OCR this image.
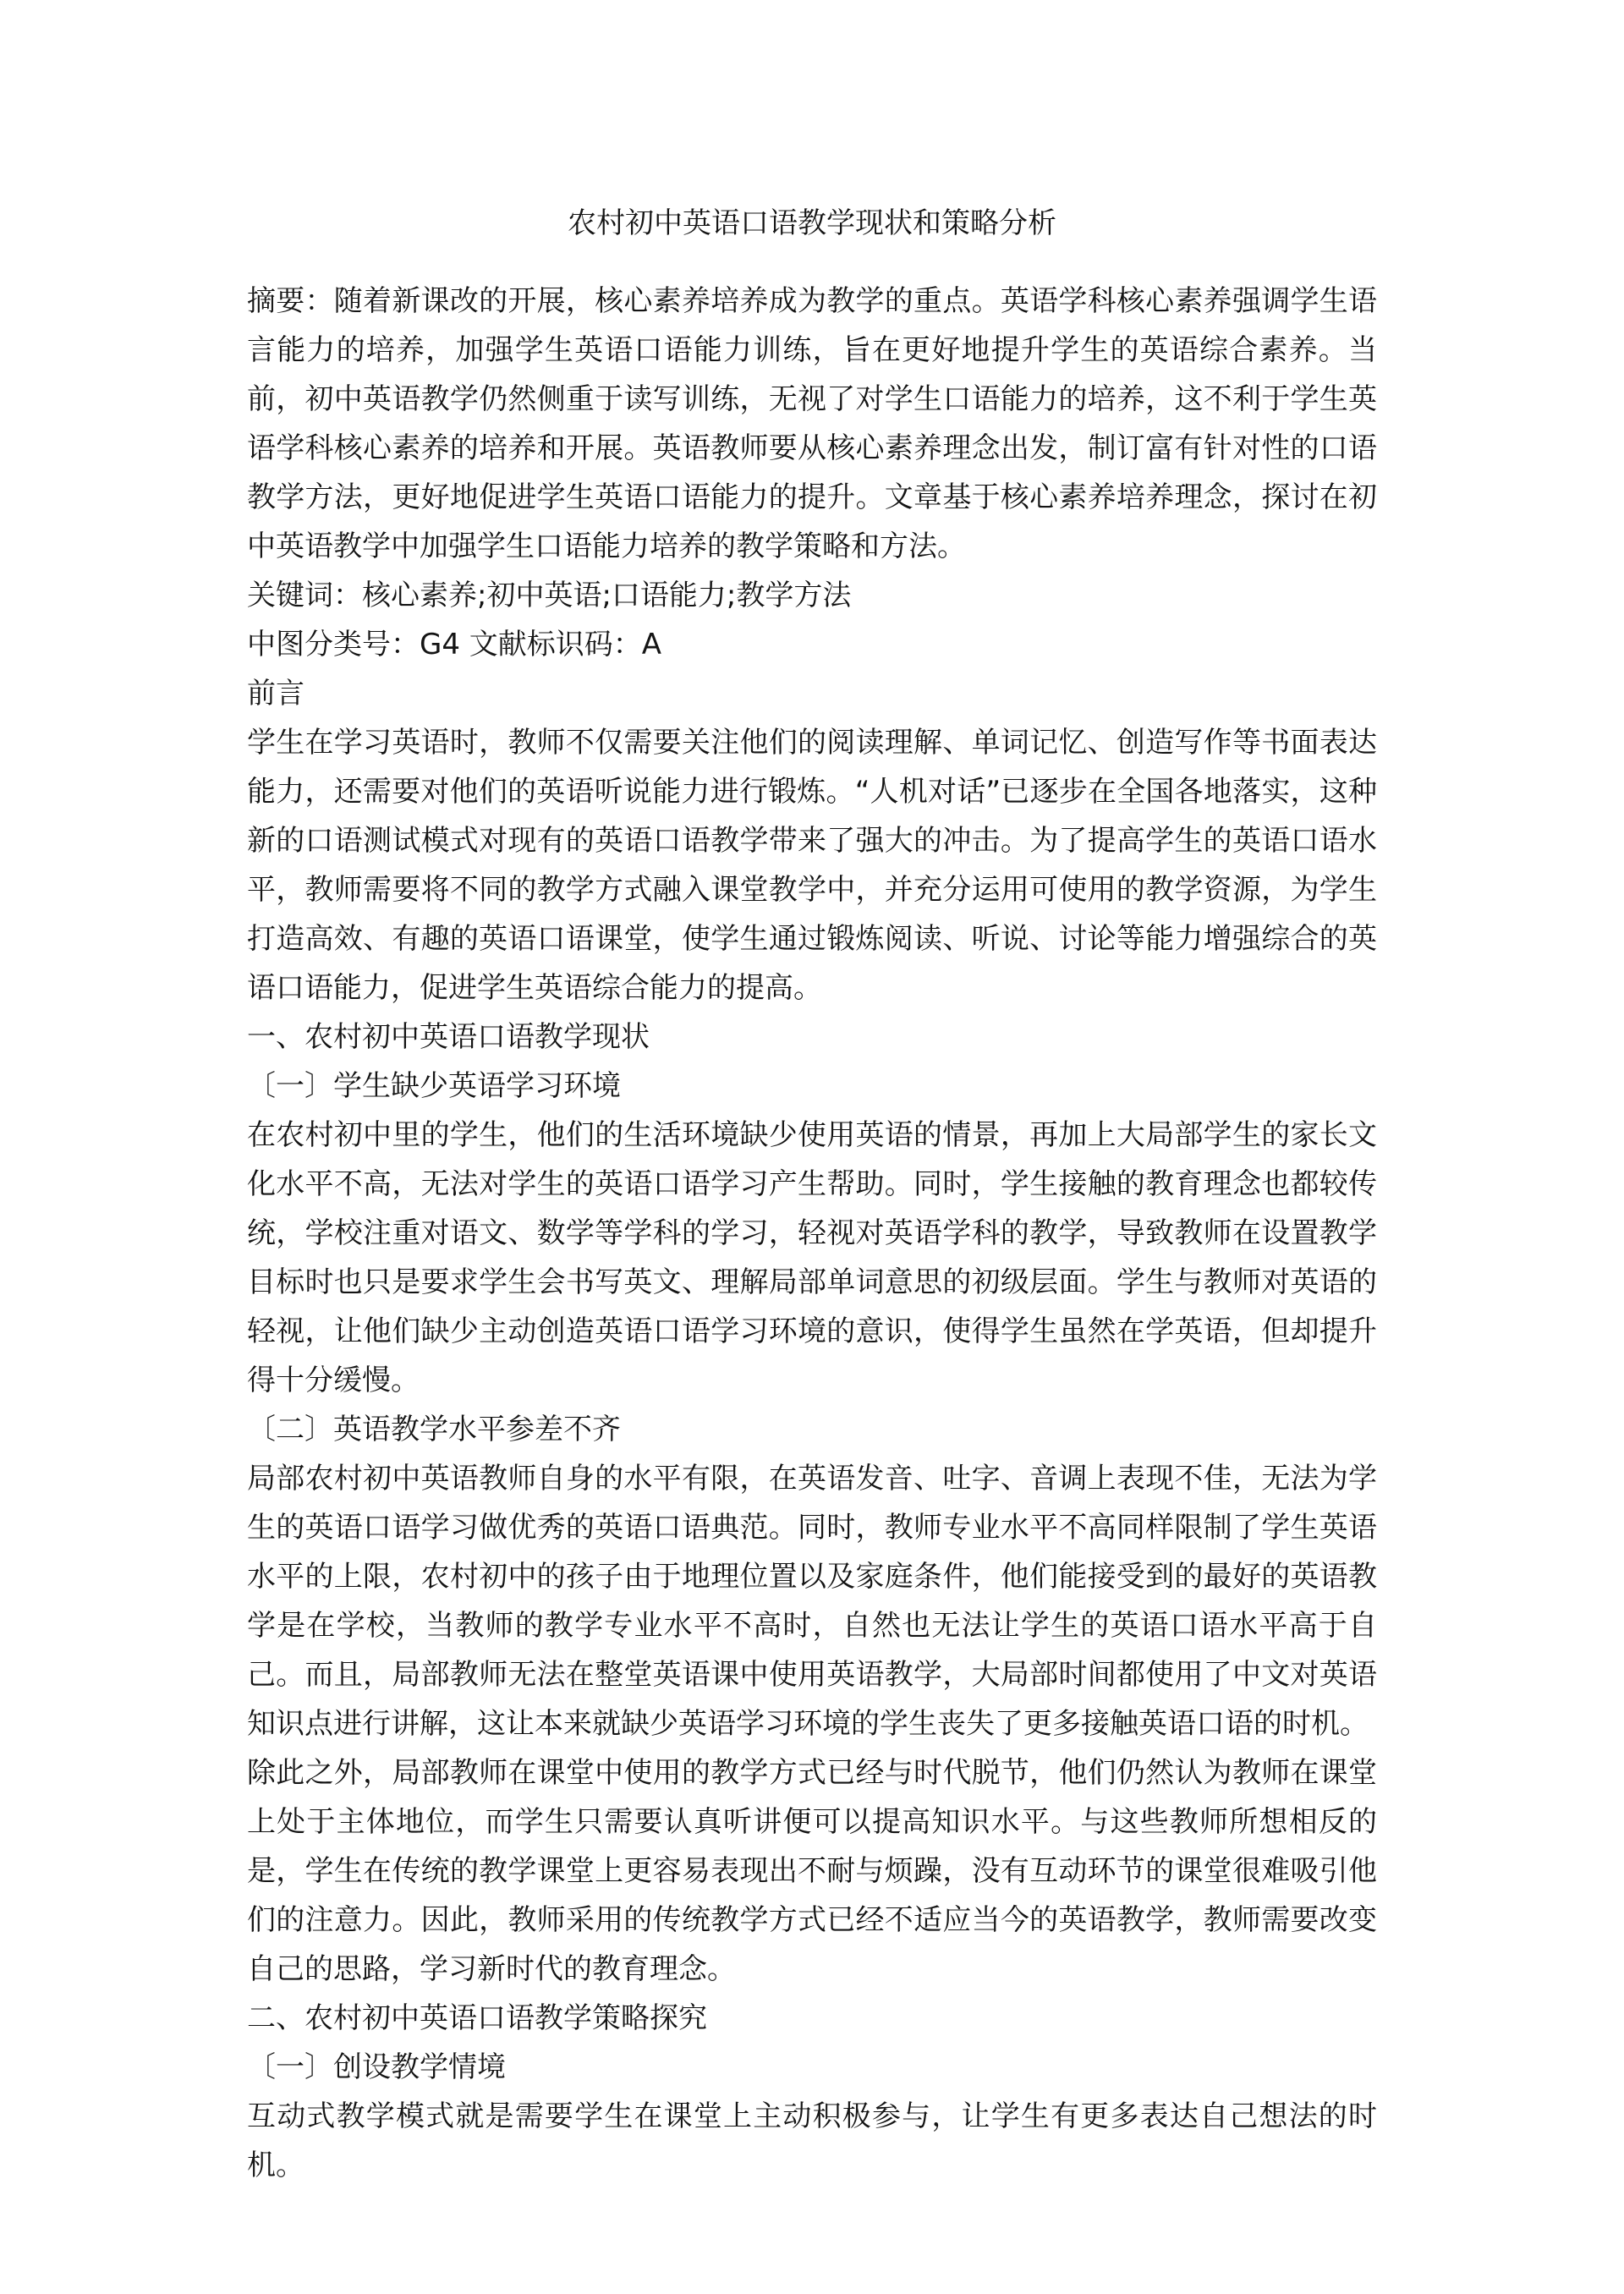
农村初中英语口语教学现状和策略分析

摘要：随着新课改的开展，核心素养培养成为教学的重点。英语学科核心素养强调学生语言能力的培养，加强学生英语口语能力训练，旨在更好地提升学生的英语综合素养。当前，初中英语教学仍然侧重于读写训练，无视了对学生口语能力的培养，这不利于学生英语学科核心素养的培养和开展。英语教师要从核心素养理念出发，制订富有针对性的口语教学方法，更好地促进学生英语口语能力的提升。文章基于核心素养培养理念，探讨在初中英语教学中加强学生口语能力培养的教学策略和方法。

关键词：核心素养;初中英语;口语能力;教学方法

中图分类号：G4 文献标识码：A

前言

学生在学习英语时，教师不仅需要关注他们的阅读理解、单词记忆、创造写作等书面表达能力，还需要对他们的英语听说能力进行锻炼。“人机对话”已逐步在全国各地落实，这种新的口语测试模式对现有的英语口语教学带来了强大的冲击。为了提高学生的英语口语水平，教师需要将不同的教学方式融入课堂教学中，并充分运用可使用的教学资源，为学生打造高效、有趣的英语口语课堂，使学生通过锻炼阅读、听说、讨论等能力增强综合的英语口语能力，促进学生英语综合能力的提高。

一、农村初中英语口语教学现状

〔一〕学生缺少英语学习环境

在农村初中里的学生，他们的生活环境缺少使用英语的情景，再加上大局部学生的家长文化水平不高，无法对学生的英语口语学习产生帮助。同时，学生接触的教育理念也都较传统，学校注重对语文、数学等学科的学习，轻视对英语学科的教学，导致教师在设置教学目标时也只是要求学生会书写英文、理解局部单词意思的初级层面。学生与教师对英语的轻视，让他们缺少主动创造英语口语学习环境的意识，使得学生虽然在学英语，但却提升得十分缓慢。

〔二〕英语教学水平参差不齐

局部农村初中英语教师自身的水平有限，在英语发音、吐字、音调上表现不佳，无法为学生的英语口语学习做优秀的英语口语典范。同时，教师专业水平不高同样限制了学生英语水平的上限，农村初中的孩子由于地理位置以及家庭条件，他们能接受到的最好的英语教学是在学校，当教师的教学专业水平不高时，自然也无法让学生的英语口语水平高于自己。而且，局部教师无法在整堂英语课中使用英语教学，大局部时间都使用了中文对英语知识点进行讲解，这让本来就缺少英语学习环境的学生丧失了更多接触英语口语的时机。

除此之外，局部教师在课堂中使用的教学方式已经与时代脱节，他们仍然认为教师在课堂上处于主体地位，而学生只需要认真听讲便可以提高知识水平。与这些教师所想相反的是，学生在传统的教学课堂上更容易表现出不耐与烦躁，没有互动环节的课堂很难吸引他们的注意力。因此，教师采用的传统教学方式已经不适应当今的英语教学，教师需要改变自己的思路，学习新时代的教育理念。

二、农村初中英语口语教学策略探究

〔一〕创设教学情境

互动式教学模式就是需要学生在课堂上主动积极参与，让学生有更多表达自己想法的时机。
